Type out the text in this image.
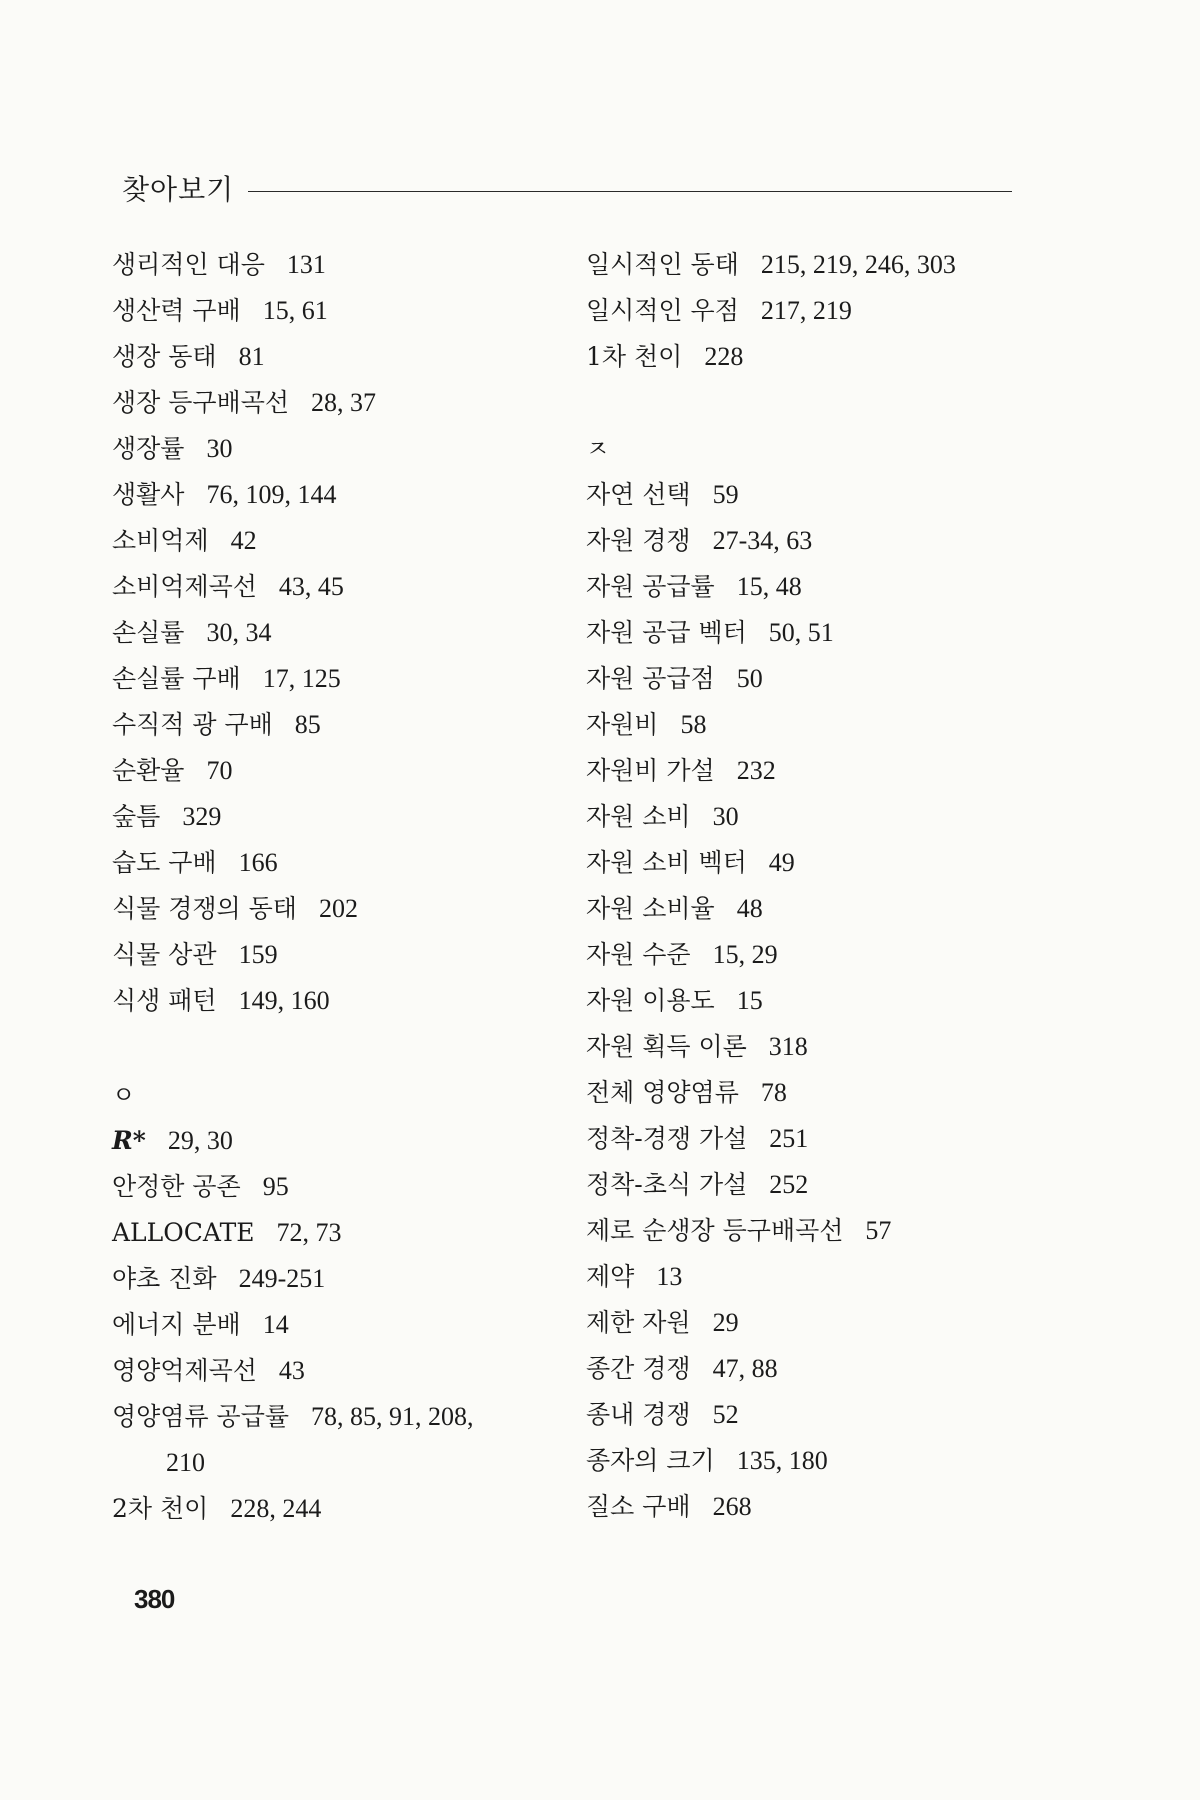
찾아보기
생리적인 대응 131
생산력 구배 15, 61
생장 동태 81
생장 등구배곡선 28, 37
생장률 30
생활사 76, 109, 144
소비억제 42
소비억제곡선 43, 45
손실률 30, 34
손실률 구배 17, 125
수직적 광 구배 85
순환율 70
숲틈 329
습도 구배 166
식물 경쟁의 동태 202
식물 상관 159
식생 패턴 149, 160
ㅇ
R* 29, 30
안정한 공존 95
ALLOCATE 72, 73
야초 진화 249-251
에너지 분배 14
영양억제곡선 43
영양염류 공급률 78, 85, 91, 208,
210
2차 천이 228, 244
일시적인 동태 215, 219, 246, 303
일시적인 우점 217, 219
1차 천이 228
ㅈ
자연 선택 59
자원 경쟁 27-34, 63
자원 공급률 15, 48
자원 공급 벡터 50, 51
자원 공급점 50
자원비 58
자원비 가설 232
자원 소비 30
자원 소비 벡터 49
자원 소비율 48
자원 수준 15, 29
자원 이용도 15
자원 획득 이론 318
전체 영양염류 78
정착-경쟁 가설 251
정착-초식 가설 252
제로 순생장 등구배곡선 57
제약 13
제한 자원 29
종간 경쟁 47, 88
종내 경쟁 52
종자의 크기 135, 180
질소 구배 268
380
